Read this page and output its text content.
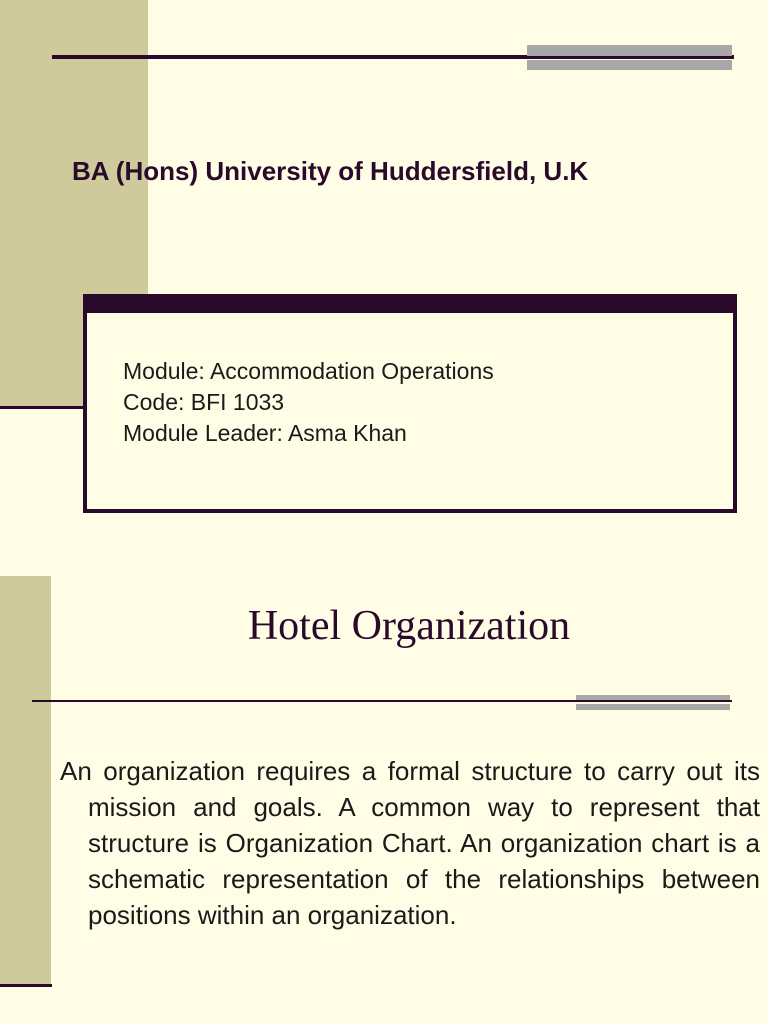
BA (Hons) University of Huddersfield, U.K
Module: Accommodation Operations
Code: BFI 1033
Module Leader: Asma Khan
Hotel Organization
An organization requires a formal structure to carry out its mission and goals. A common way to represent that structure is Organization Chart. An organization chart is a schematic representation of the relationships between positions within an organization.
